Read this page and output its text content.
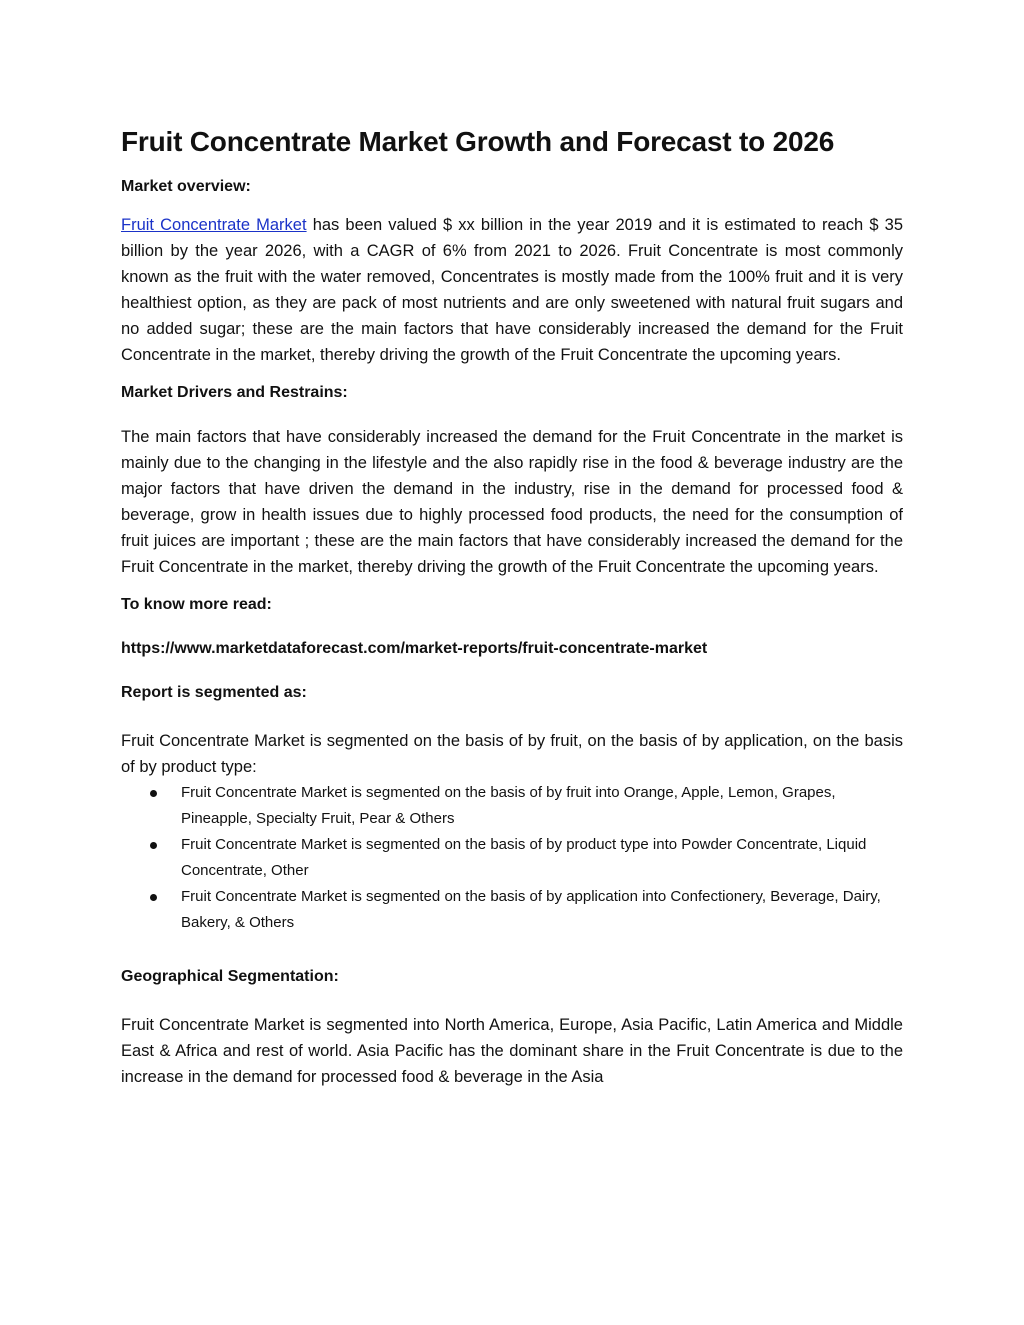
Fruit Concentrate Market Growth and Forecast to 2026

Market overview:

Fruit Concentrate Market has been valued $ xx billion in the year 2019 and it is estimated to reach $ 35 billion by the year 2026, with a CAGR of 6% from 2021 to 2026. Fruit Concentrate is most commonly known as the fruit with the water removed, Concentrates is mostly made from the 100% fruit and it is very healthiest option, as they are pack of most nutrients and are only sweetened with natural fruit sugars and no added sugar; these are the main factors that have considerably increased the demand for the Fruit Concentrate in the market, thereby driving the growth of the Fruit Concentrate the upcoming years.

Market Drivers and Restrains:

The main factors that have considerably increased the demand for the Fruit Concentrate in the market is mainly due to the changing in the lifestyle and the also rapidly rise in the food & beverage industry are the major factors that have driven the demand in the industry, rise in the demand for processed food & beverage, grow in health issues due to highly processed food products, the need for the consumption of fruit juices are important ; these are the main factors that have considerably increased the demand for the Fruit Concentrate in the market, thereby driving the growth of the Fruit Concentrate the upcoming years.

To know more read:

https://www.marketdataforecast.com/market-reports/fruit-concentrate-market

Report is segmented as:

Fruit Concentrate Market is segmented on the basis of by fruit, on the basis of by application, on the basis of by product type:

Fruit Concentrate Market is segmented on the basis of by fruit into Orange, Apple, Lemon, Grapes, Pineapple, Specialty Fruit, Pear & Others
Fruit Concentrate Market is segmented on the basis of by product type into Powder Concentrate, Liquid Concentrate, Other
Fruit Concentrate Market is segmented on the basis of by application into Confectionery, Beverage, Dairy, Bakery, & Others

Geographical Segmentation:

Fruit Concentrate Market is segmented into North America, Europe, Asia Pacific, Latin America and Middle East & Africa and rest of world. Asia Pacific has the dominant share in the Fruit Concentrate is due to the increase in the demand for processed food & beverage in the Asia
